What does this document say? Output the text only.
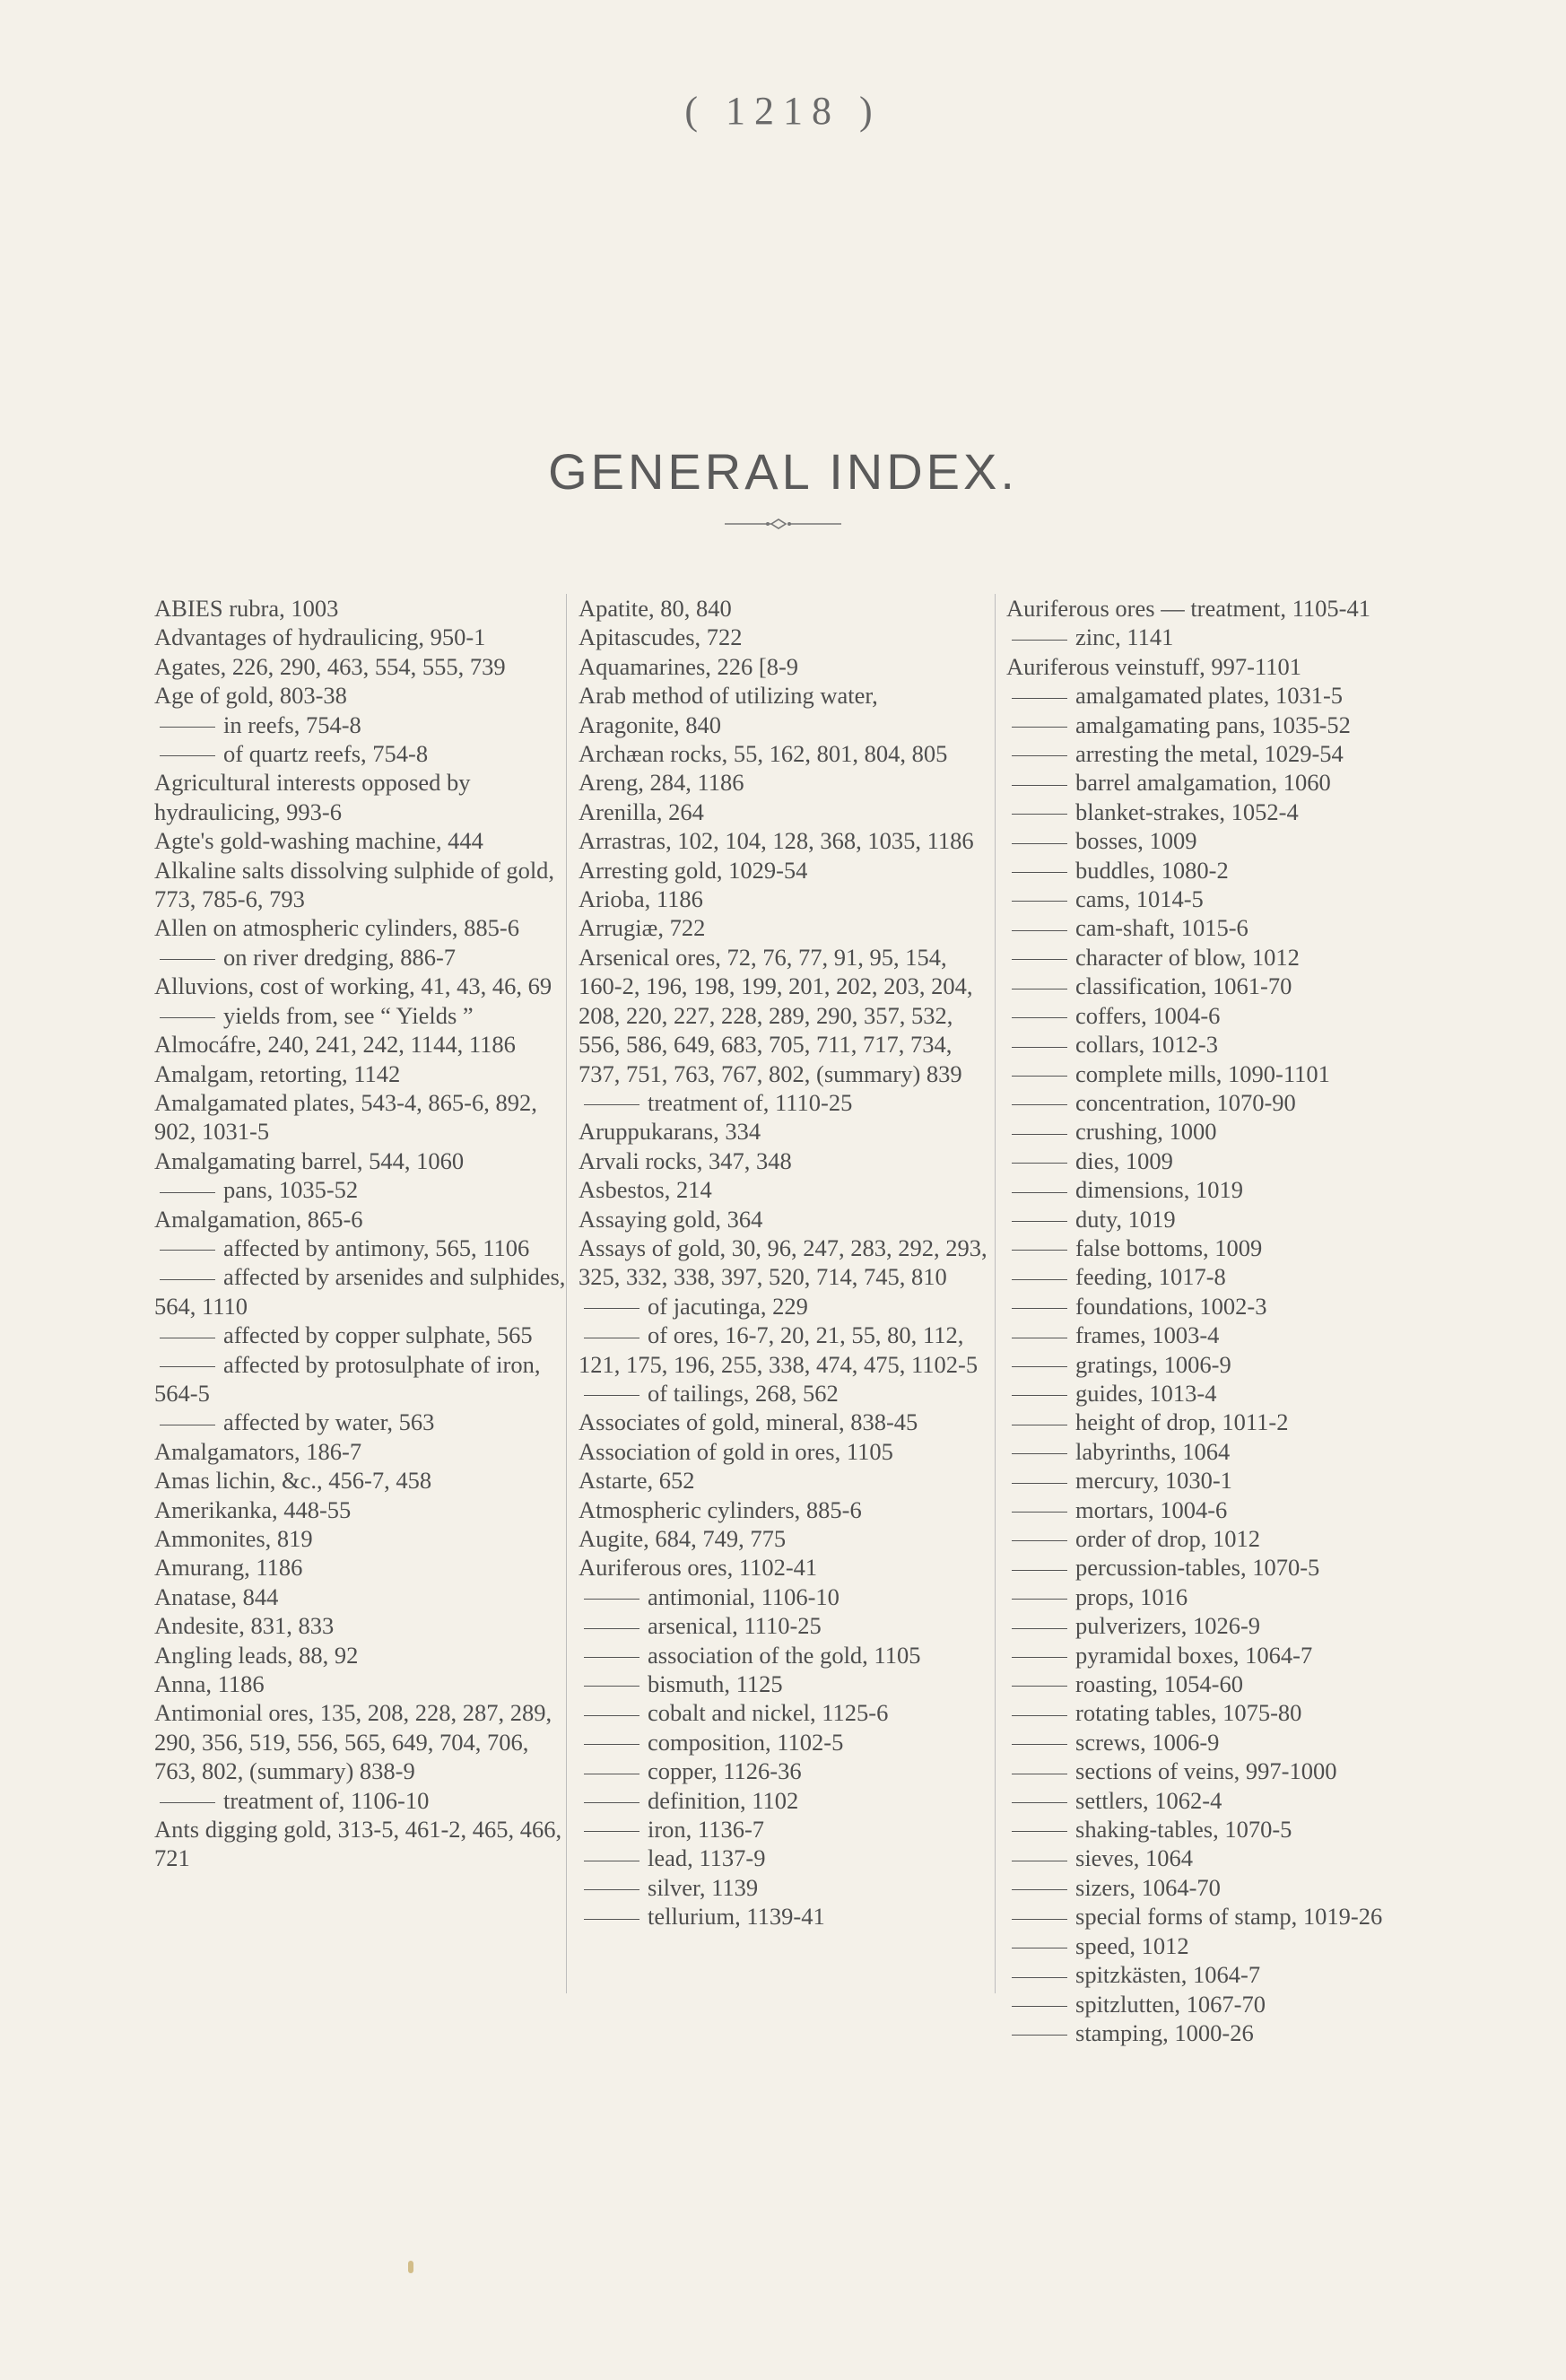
( 1218 )
GENERAL INDEX.
ABIES rubra, 1003
Advantages of hydraulicing, 950-1
Agates, 226, 290, 463, 554, 555, 739
Age of gold, 803-38
in reefs, 754-8
of quartz reefs, 754-8
Agricultural interests opposed by hydraulicing, 993-6
Agte's gold-washing machine, 444
Alkaline salts dissolving sulphide of gold, 773, 785-6, 793
Allen on atmospheric cylinders, 885-6
on river dredging, 886-7
Alluvions, cost of working, 41, 43, 46, 69
yields from, see “ Yields ”
Almocáfre, 240, 241, 242, 1144, 1186
Amalgam, retorting, 1142
Amalgamated plates, 543-4, 865-6, 892, 902, 1031-5
Amalgamating barrel, 544, 1060
pans, 1035-52
Amalgamation, 865-6
affected by antimony, 565, 1106
affected by arsenides and sulphides, 564, 1110
affected by copper sulphate, 565
affected by protosulphate of iron, 564-5
affected by water, 563
Amalgamators, 186-7
Amas lichin, &c., 456-7, 458
Amerikanka, 448-55
Ammonites, 819
Amurang, 1186
Anatase, 844
Andesite, 831, 833
Angling leads, 88, 92
Anna, 1186
Antimonial ores, 135, 208, 228, 287, 289, 290, 356, 519, 556, 565, 649, 704, 706, 763, 802, (summary) 838-9
treatment of, 1106-10
Ants digging gold, 313-5, 461-2, 465, 466, 721
Apatite, 80, 840
Apitascudes, 722
Aquamarines, 226 [8-9
Arab method of utilizing water,
Aragonite, 840
Archæan rocks, 55, 162, 801, 804, 805
Areng, 284, 1186
Arenilla, 264
Arrastras, 102, 104, 128, 368, 1035, 1186
Arresting gold, 1029-54
Arioba, 1186
Arrugiæ, 722
Arsenical ores, 72, 76, 77, 91, 95, 154, 160-2, 196, 198, 199, 201, 202, 203, 204, 208, 220, 227, 228, 289, 290, 357, 532, 556, 586, 649, 683, 705, 711, 717, 734, 737, 751, 763, 767, 802, (summary) 839
treatment of, 1110-25
Aruppukarans, 334
Arvali rocks, 347, 348
Asbestos, 214
Assaying gold, 364
Assays of gold, 30, 96, 247, 283, 292, 293, 325, 332, 338, 397, 520, 714, 745, 810
of jacutinga, 229
of ores, 16-7, 20, 21, 55, 80, 112, 121, 175, 196, 255, 338, 474, 475, 1102-5
of tailings, 268, 562
Associates of gold, mineral, 838-45
Association of gold in ores, 1105
Astarte, 652
Atmospheric cylinders, 885-6
Augite, 684, 749, 775
Auriferous ores, 1102-41
antimonial, 1106-10
arsenical, 1110-25
association of the gold, 1105
bismuth, 1125
cobalt and nickel, 1125-6
composition, 1102-5
copper, 1126-36
definition, 1102
iron, 1136-7
lead, 1137-9
silver, 1139
tellurium, 1139-41
Auriferous ores — treatment, 1105-41
zinc, 1141
Auriferous veinstuff, 997-1101
amalgamated plates, 1031-5
amalgamating pans, 1035-52
arresting the metal, 1029-54
barrel amalgamation, 1060
blanket-strakes, 1052-4
bosses, 1009
buddles, 1080-2
cams, 1014-5
cam-shaft, 1015-6
character of blow, 1012
classification, 1061-70
coffers, 1004-6
collars, 1012-3
complete mills, 1090-1101
concentration, 1070-90
crushing, 1000
dies, 1009
dimensions, 1019
duty, 1019
false bottoms, 1009
feeding, 1017-8
foundations, 1002-3
frames, 1003-4
gratings, 1006-9
guides, 1013-4
height of drop, 1011-2
labyrinths, 1064
mercury, 1030-1
mortars, 1004-6
order of drop, 1012
percussion-tables, 1070-5
props, 1016
pulverizers, 1026-9
pyramidal boxes, 1064-7
roasting, 1054-60
rotating tables, 1075-80
screws, 1006-9
sections of veins, 997-1000
settlers, 1062-4
shaking-tables, 1070-5
sieves, 1064
sizers, 1064-70
special forms of stamp, 1019-26
speed, 1012
spitzkästen, 1064-7
spitzlutten, 1067-70
stamping, 1000-26
